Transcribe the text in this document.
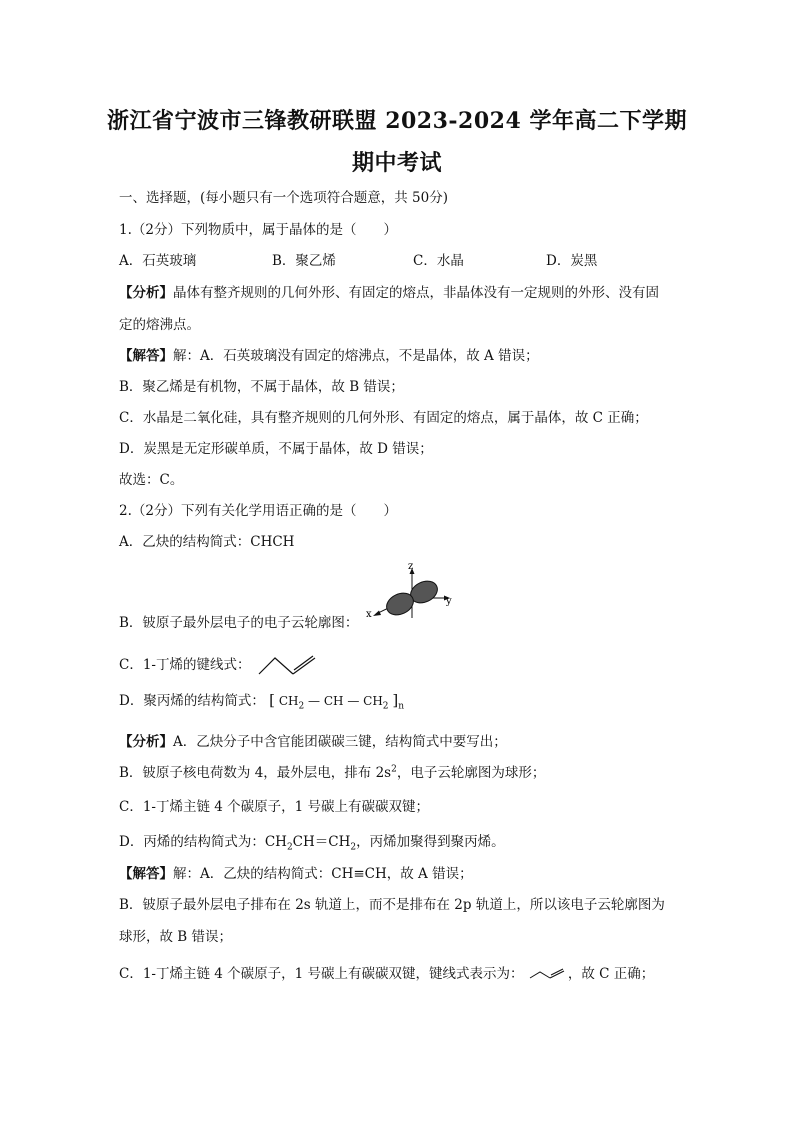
浙江省宁波市三锋教研联盟 2023-2024 学年高二下学期
期中考试
一、选择题，(每小题只有一个选项符合题意，共 50分)
1.（2分）下列物质中，属于晶体的是（　　）
A．石英玻璃	B．聚乙烯	C．水晶	D．炭黑
【分析】晶体有整齐规则的几何外形、有固定的熔点，非晶体没有一定规则的外形、没有固
定的熔沸点。
【解答】解：A．石英玻璃没有固定的熔沸点，不是晶体，故 A 错误；
B．聚乙烯是有机物，不属于晶体，故 B 错误；
C．水晶是二氧化硅，具有整齐规则的几何外形、有固定的熔点，属于晶体，故 C 正确；
D．炭黑是无定形碳单质，不属于晶体，故 D 错误；
故选：C。
2.（2分）下列有关化学用语正确的是（　　）
A．乙炔的结构简式：CHCH
B．铍原子最外层电子的电子云轮廓图：
z
y
x
C．1-丁烯的键线式：
D．聚丙烯的结构简式： [ $CH_2$ — CH — $CH_2$ ]$_n$
【分析】A．乙炔分子中含官能团碳碳三键，结构简式中要写出；
B．铍原子核电荷数为 4，最外层电，排布 $2s^2$，电子云轮廓图为球形；
C．1-丁烯主链 4 个碳原子，1 号碳上有碳碳双键；
D．丙烯的结构简式为：$CH_2CH=CH_2$，丙烯加聚得到聚丙烯。
【解答】解：A．乙炔的结构简式：CH≡CH，故 A 错误；
B．铍原子最外层电子排布在 2s 轨道上，而不是排布在 2p 轨道上，所以该电子云轮廓图为
球形，故 B 错误；
C．1-丁烯主链 4 个碳原子，1 号碳上有碳碳双键，键线式表示为：	，故 C 正确；
